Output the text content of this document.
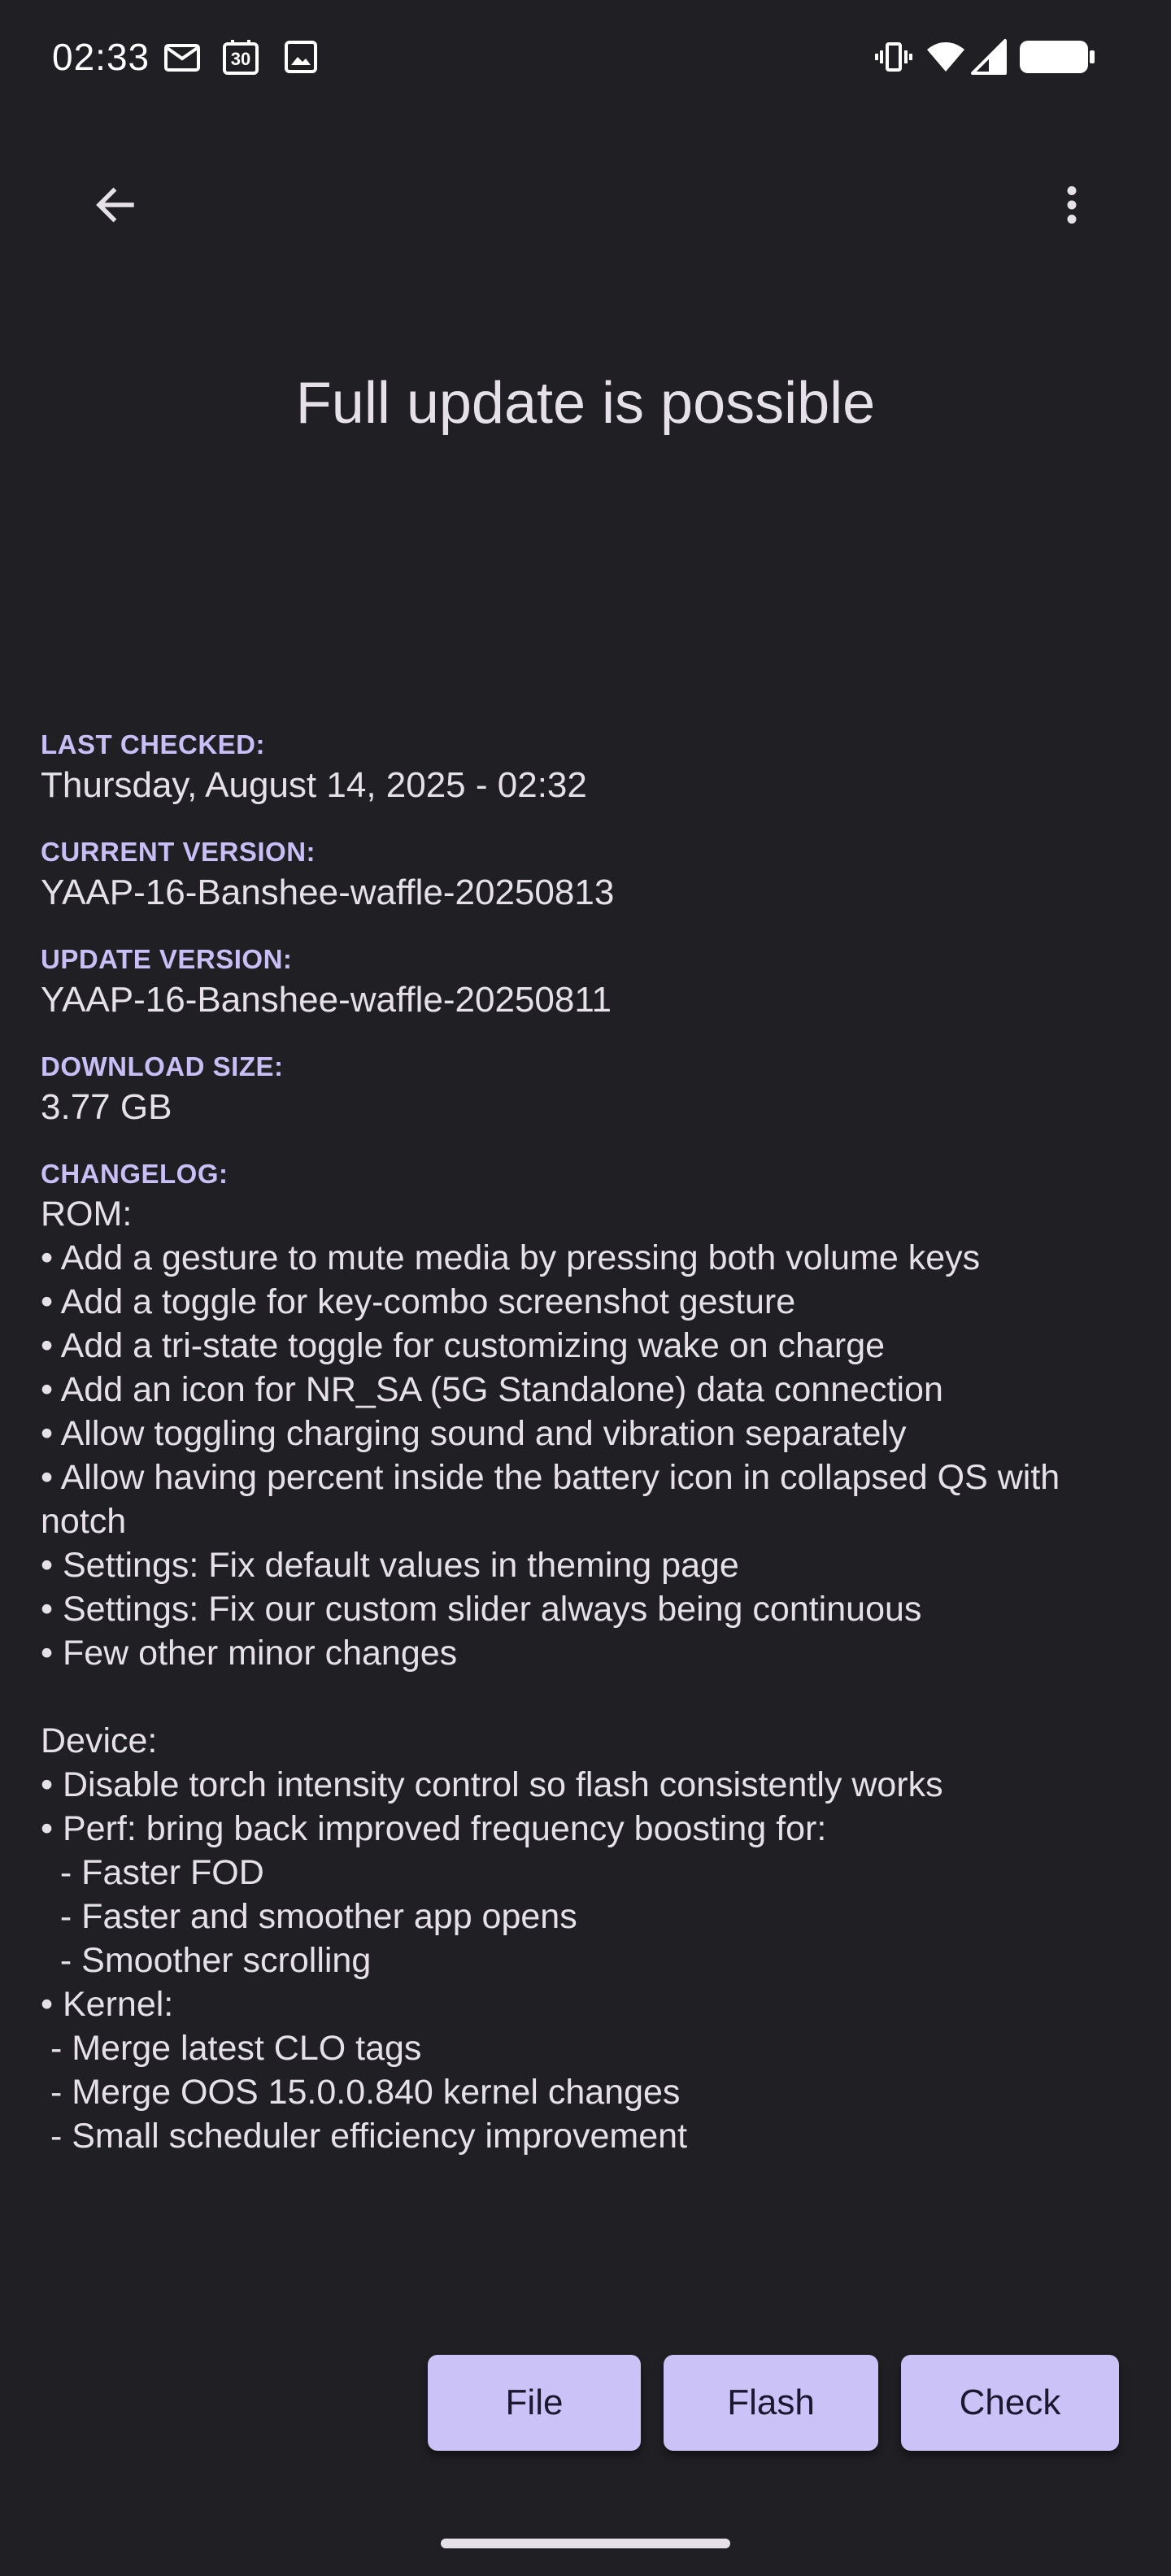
02:33	30
Full update is possible

LAST CHECKED:

Thursday, August 14, 2025 - 02:32

CURRENT VERSION:

YAAP-16-Banshee-waffle-20250813

UPDATE VERSION:

YAAP-16-Banshee-waffle-20250811

DOWNLOAD SIZE:

3.77 GB

CHANGELOG:

ROM:
• Add a gesture to mute media by pressing both volume keys
• Add a toggle for key-combo screenshot gesture
• Add a tri-state toggle for customizing wake on charge
• Add an icon for NR_SA (5G Standalone) data connection
• Allow toggling charging sound and vibration separately
• Allow having percent inside the battery icon in collapsed QS with notch
• Settings: Fix default values in theming page
• Settings: Fix our custom slider always being continuous
• Few other minor changes

Device:
• Disable torch intensity control so flash consistently works
• Perf: bring back improved frequency boosting for:
- Faster FOD
- Faster and smoother app opens
- Smoother scrolling
• Kernel:
- Merge latest CLO tags
- Merge OOS 15.0.0.840 kernel changes
- Small scheduler efficiency improvement

File	Flash	Check
